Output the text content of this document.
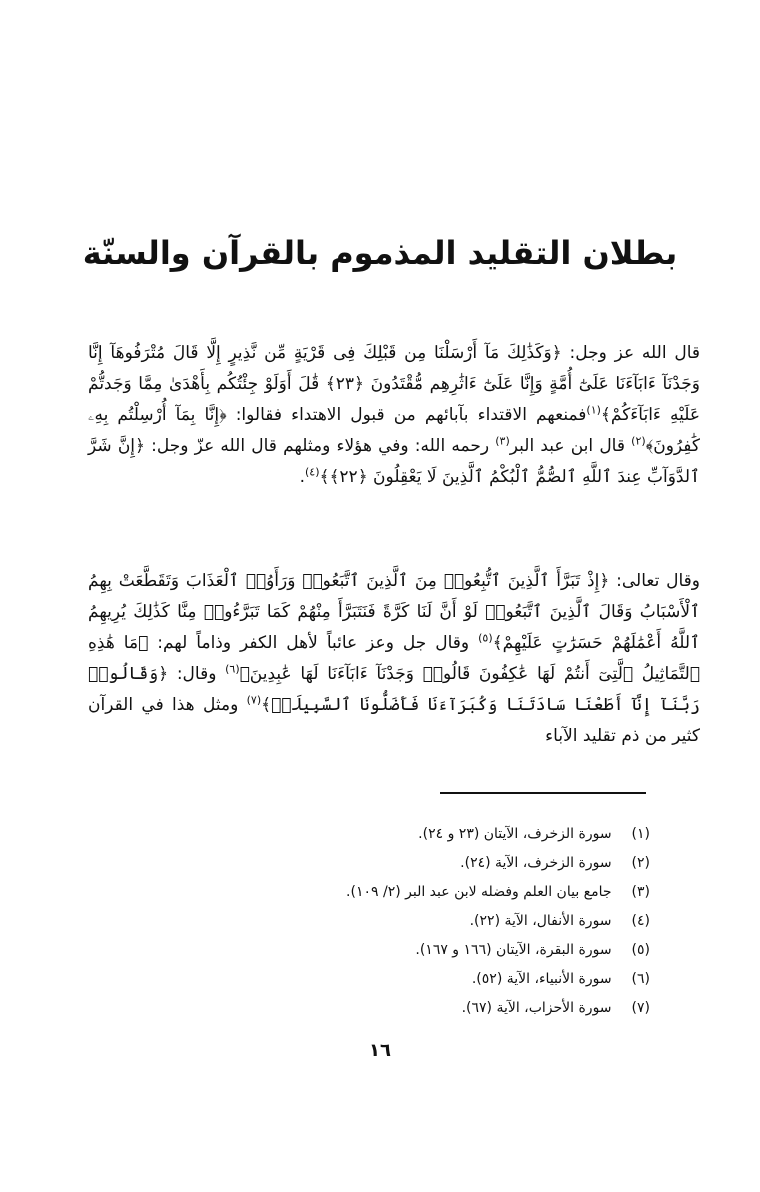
بطلان التقليد المذموم بالقرآن والسنّة

قال الله عز وجل: ﴿وَكَذَٰلِكَ مَآ أَرْسَلْنَا مِن قَبْلِكَ فِى قَرْيَةٍ مِّن نَّذِيرٍ إِلَّا قَالَ مُتْرَفُوهَآ إِنَّا وَجَدْنَآ ءَابَآءَنَا عَلَىٰٓ أُمَّةٍ وَإِنَّا عَلَىٰٓ ءَاثَٰرِهِم مُّقْتَدُونَ ﴿٢٣﴾ قَٰلَ أَوَلَوْ جِئْتُكُم بِأَهْدَىٰ مِمَّا وَجَدتُّمْ عَلَيْهِ ءَابَآءَكُمْ﴾$^{(١)}$فمنعهم الاقتداء بآبائهم من قبول الاهتداء فقالوا: ﴿إِنَّا بِمَآ أُرْسِلْتُم بِهِۦ كَٰفِرُونَ﴾$^{(٢)}$ قال ابن عبد البر$^{(٣)}$ رحمه الله: وفي هؤلاء ومثلهم قال الله عزّ وجل: ﴿إِنَّ شَرَّ ٱلدَّوَآبِّ عِندَ ٱللَّهِ ٱلصُّمُّ ٱلْبُكْمُ ٱلَّذِينَ لَا يَعْقِلُونَ ﴿٢٢﴾﴾$^{(٤)}$.

وقال تعالى: ﴿إِذْ تَبَرَّأَ ٱلَّذِينَ ٱتُّبِعُوا۟ مِنَ ٱلَّذِينَ ٱتَّبَعُوا۟ وَرَأَوُا۟ ٱلْعَذَابَ وَتَقَطَّعَتْ بِهِمُ ٱلْأَسْبَابُ وَقَالَ ٱلَّذِينَ ٱتَّبَعُوا۟ لَوْ أَنَّ لَنَا كَرَّةً فَنَتَبَرَّأَ مِنْهُمْ كَمَا تَبَرَّءُوا۟ مِنَّا كَذَٰلِكَ يُرِيهِمُ ٱللَّهُ أَعْمَٰلَهُمْ حَسَرَٰتٍ عَلَيْهِمْ﴾$^{(٥)}$ وقال جل وعز عائباً لأهل الكفر وذاماً لهم: ﴿مَا هَٰذِهِ ٱلتَّمَاثِيلُ ٱلَّتِىٓ أَنتُمْ لَهَا عَٰكِفُونَ قَالُوا۟ وَجَدْنَآ ءَابَآءَنَا لَهَا عَٰبِدِينَ﴾$^{(٦)}$ وقال: ﴿وَقَالُوا۟ رَبَّنَآ إِنَّآ أَطَعْنَا سَادَتَنَا وَكُبَرَآءَنَا فَأَضَلُّونَا ٱلسَّبِيلَا۠﴾$^{(٧)}$ ومثل هذا في القرآن كثير من ذم تقليد الآباء

(١) سورة الزخرف، الآيتان (٢٣ و ٢٤).
(٢) سورة الزخرف، الآية (٢٤).
(٣) جامع بيان العلم وفضله لابن عبد البر (٢/ ١٠٩).
(٤) سورة الأنفال، الآية (٢٢).
(٥) سورة البقرة، الآيتان (١٦٦ و ١٦٧).
(٦) سورة الأنبياء، الآية (٥٢).
(٧) سورة الأحزاب، الآية (٦٧).
١٦
